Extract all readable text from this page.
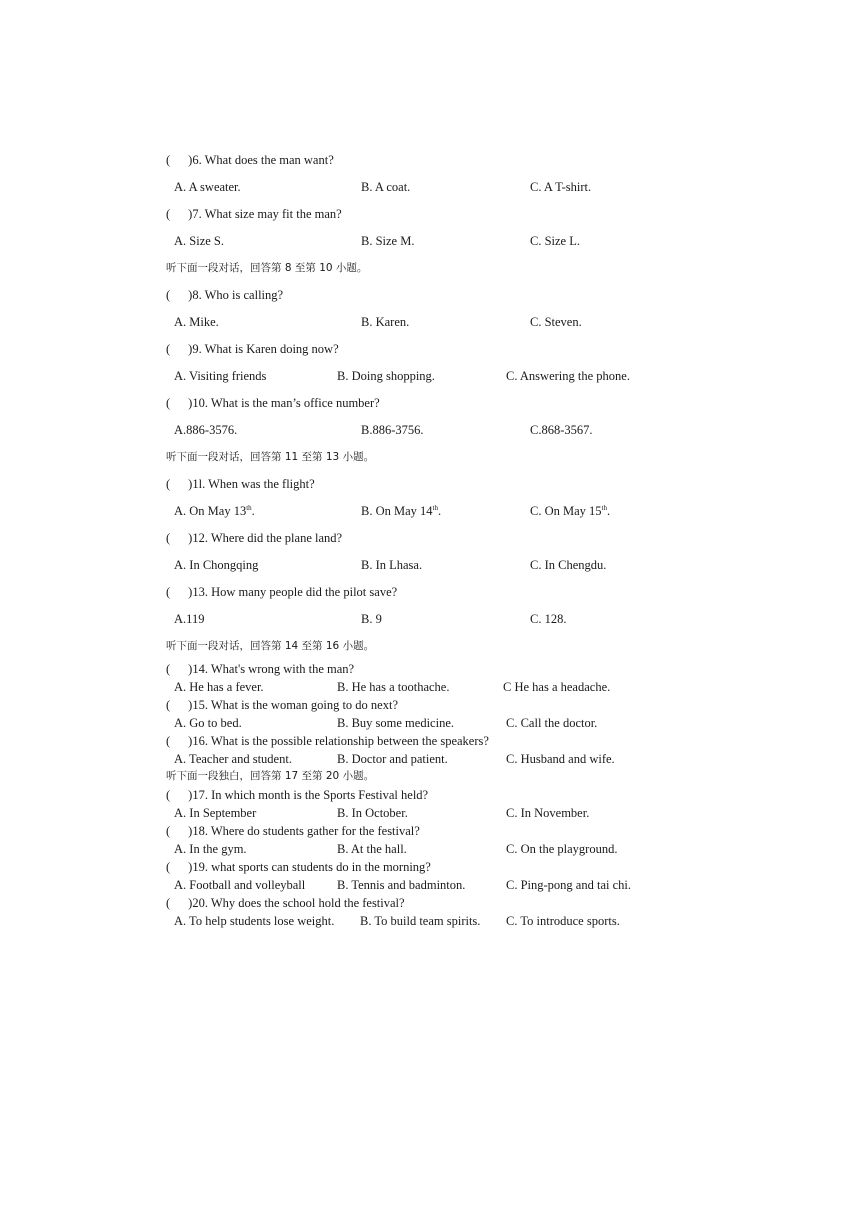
( )6. What does the man want?
A. A sweater.	B. A coat.	C. A T-shirt.
( )7. What size may fit the man?
A. Size S.	B. Size M.	C. Size L.
听下面一段对话，回答第 8 至第 10 小题。
( )8. Who is calling?
A. Mike.	B. Karen.	C. Steven.
( )9. What is Karen doing now?
A. Visiting friends	B. Doing shopping.	C. Answering the phone.
( )10. What is the man’s office number?
A.886-3576.	B.886-3756.	C.868-3567.
听下面一段对话，回答第 11 至第 13 小题。
( )1l. When was the flight?
A. On May 13th.	B. On May 14th.	C. On May 15th.
( )12. Where did the plane land?
A. In Chongqing	B. In Lhasa.	C. In Chengdu.
( )13. How many people did the pilot save?
A.119	B. 9	C. 128.
听下面一段对话，回答第 14 至第 16 小题。
( )14. What's wrong with the man?
A. He has a fever.	B. He has a toothache.	C He has a headache.
( )15. What is the woman going to do next?
A. Go to bed.	B. Buy some medicine.	C. Call the doctor.
( )16. What is the possible relationship between the speakers?
A. Teacher and student.	B. Doctor and patient.	C. Husband and wife.
听下面一段独白，回答第 17 至第 20 小题。
( )17. In which month is the Sports Festival held?
A. In September	B. In October.	C. In November.
( )18. Where do students gather for the festival?
A. In the gym.	B. At the hall.	C. On the playground.
( )19. what sports can students do in the morning?
A. Football and volleyball	B. Tennis and badminton.	C. Ping-pong and tai chi.
( )20. Why does the school hold the festival?
A. To help students lose weight. B. To build team spirits. C. To introduce sports.
